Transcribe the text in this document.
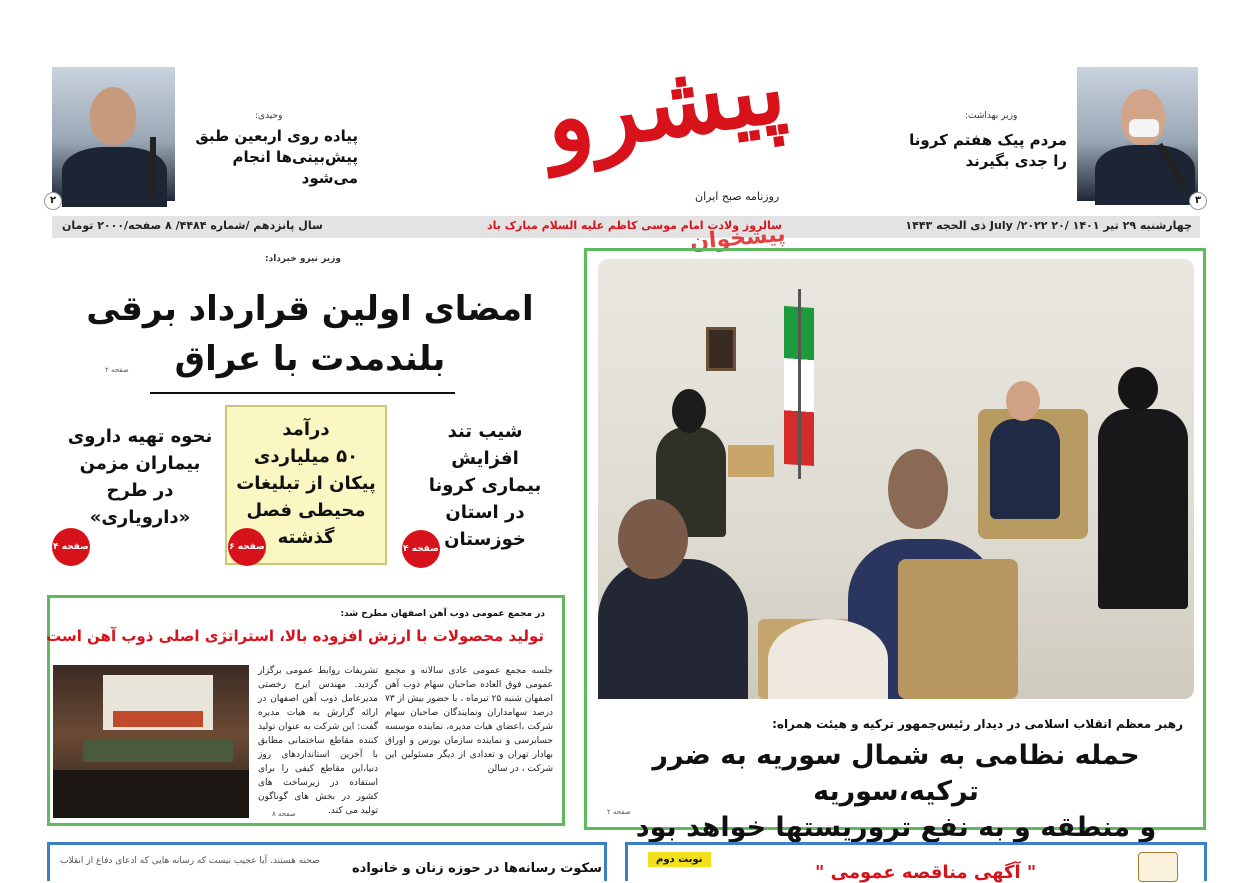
۲
وحیدی:
پیاده روی اربعین طبق
پیش‌بینی‌ها انجام می‌شود
پیشرو
روزنامه صبح ایران	۳
وزیر بهداشت:
مردم پیک هفتم کرونا
را جدی بگیرند
چهارشنبه ۲۹ تیر ۱۴۰۱ /۲۰ July /۲۰۲۲ ذی الحجه ۱۴۴۳
سالروز ولادت امام موسی کاظم علیه السلام مبارک باد
سال پانزدهم /شماره ۴۴۸۴/ ۸ صفحه/۲۰۰۰ تومان	پیشخوان
رهبر معظم انقلاب اسلامی در دیدار رئیس‌جمهور ترکیه و هیئت همراه:
حمله نظامی به شمال سوریه به ضرر ترکیه،سوریه
و منطقه و به نفع تروریستها خواهد بود
صفحه ۲
وزیر نیرو خبرداد:
امضای اولین قرارداد برقی
بلندمدت با عراق
صفحه ۲
شیب تند
افزایش
بیماری کرونا
در استان
خوزستان
صفحه ۴
درآمد
۵۰ میلیاردی
پیکان از تبلیغات
محیطی فصل
گذشته
صفحه ۶
نحوه تهیه داروی
بیماران مزمن
در طرح
«دارویاری»
صفحه ۴
در مجمع عمومی ذوب آهن اصفهان مطرح شد:
تولید محصولات با ارزش افزوده بالا، استراتژی اصلی ذوب آهن است
جلسه مجمع عمومی عادی سالانه و مجمع عمومی فوق العاده صاحبان سهام ذوب آهن اصفهان شنبه ۲۵ تیرماه ، با حضور بیش از ۷۳ درصد سهامداران ونمایندگان صاحبان سهام شرکت ،اعضای هیات مدیره، نماینده موسسه حسابرسی و نماینده سازمان بورس و اوراق بهادار تهران و تعدادی از دیگر مسئولین این شرکت ، در سالن
تشریفات روابط عمومی برگزار گردید. مهندس ایرج رخصتی مدیرعامل ذوب آهن اصفهان در ارائه گزارش به هیات مدیره گفت: این شرکت به عنوان تولید کننده مقاطع ساختمانی مطابق با آخرین استانداردهای روز دنیا،این مقاطع کیفی را برای استفاده در زیرساخت های کشور در بخش های گوناگون تولید می کند.
صفحه ۸
صحنه هستند. آیا عجیب نیست که رسانه هایی که ادعای دفاع از انقلاب سکوت رسانه‌ها در حوزه زنان و خانواده
نوبت دوم
" آگهی مناقصه عمومی "
